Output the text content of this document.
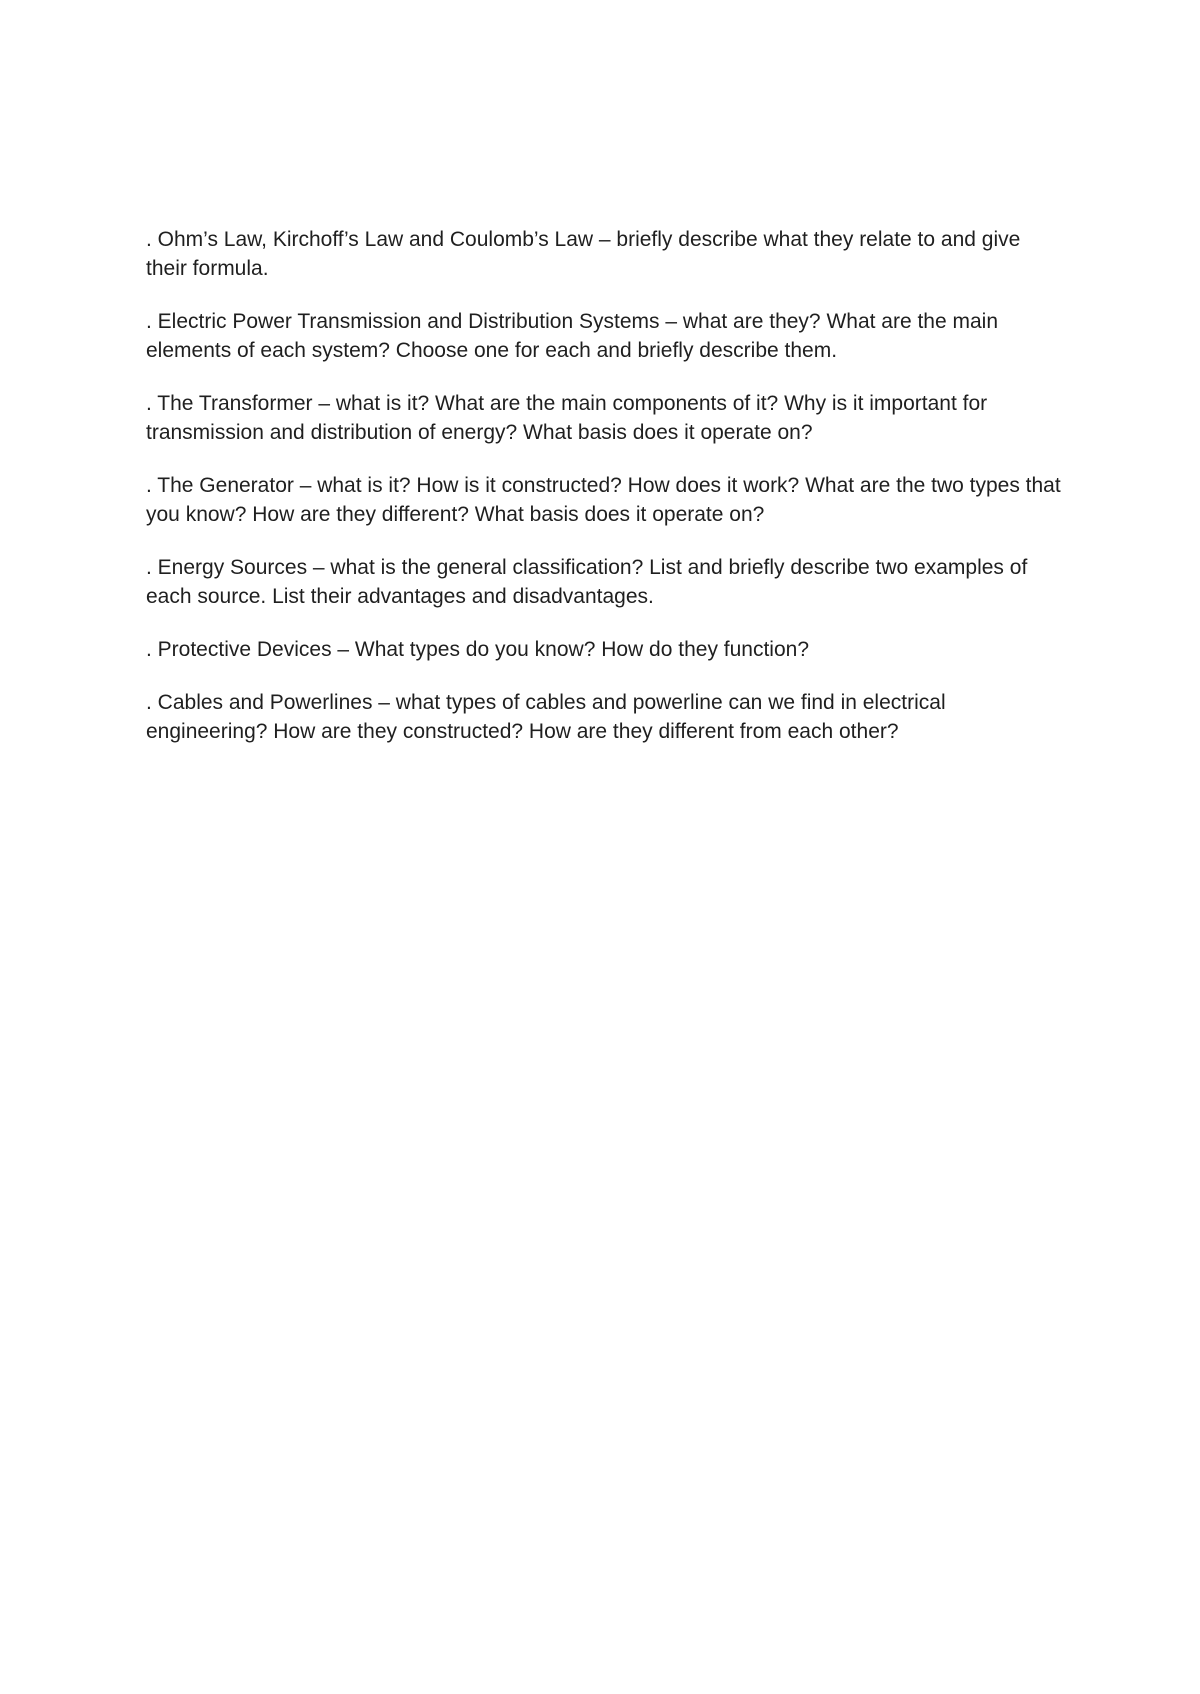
. Ohm’s Law, Kirchoff’s Law and Coulomb’s Law – briefly describe what they relate to and give their formula.

. Electric Power Transmission and Distribution Systems – what are they? What are the main elements of each system? Choose one for each and briefly describe them.

. The Transformer – what is it? What are the main components of it? Why is it important for transmission and distribution of energy? What basis does it operate on?

. The Generator – what is it? How is it constructed? How does it work? What are the two types that you know? How are they different? What basis does it operate on?

. Energy Sources – what is the general classification? List and briefly describe two examples of each source. List their advantages and disadvantages.

. Protective Devices – What types do you know? How do they function?

. Cables and Powerlines – what types of cables and powerline can we find in electrical engineering? How are they constructed? How are they different from each other?
